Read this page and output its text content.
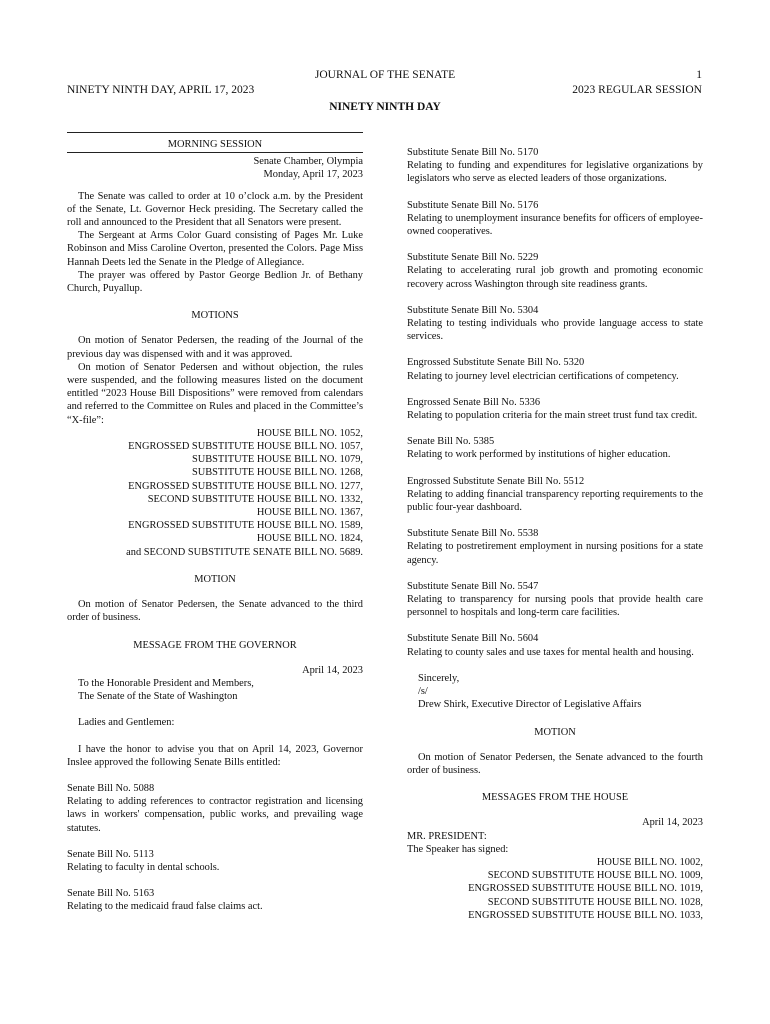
JOURNAL OF THE SENATE	1
NINETY NINTH DAY, APRIL 17, 2023	2023 REGULAR SESSION
NINETY NINTH DAY
MORNING SESSION
Senate Chamber, Olympia
Monday, April 17, 2023

The Senate was called to order at 10 o’clock a.m. by the President of the Senate, Lt. Governor Heck presiding. The Secretary called the roll and announced to the President that all Senators were present.

The Sergeant at Arms Color Guard consisting of Pages Mr. Luke Robinson and Miss Caroline Overton, presented the Colors. Page Miss Hannah Deets led the Senate in the Pledge of Allegiance.

The prayer was offered by Pastor George Bedlion Jr. of Bethany Church, Puyallup.

MOTIONS

On motion of Senator Pedersen, the reading of the Journal of the previous day was dispensed with and it was approved.

On motion of Senator Pedersen and without objection, the rules were suspended, and the following measures listed on the document entitled “2023 House Bill Dispositions” were removed from calendars and referred to the Committee on Rules and placed in the Committee’s “X-file”:

HOUSE BILL NO. 1052,
ENGROSSED SUBSTITUTE HOUSE BILL NO. 1057,
SUBSTITUTE HOUSE BILL NO. 1079,
SUBSTITUTE HOUSE BILL NO. 1268,
ENGROSSED SUBSTITUTE HOUSE BILL NO. 1277,
SECOND SUBSTITUTE HOUSE BILL NO. 1332,
HOUSE BILL NO. 1367,
ENGROSSED SUBSTITUTE HOUSE BILL NO. 1589,
HOUSE BILL NO. 1824,
and SECOND SUBSTITUTE SENATE BILL NO. 5689.
MOTION

On motion of Senator Pedersen, the Senate advanced to the third order of business.

MESSAGE FROM THE GOVERNOR
April 14, 2023
To the Honorable President and Members,
The Senate of the State of Washington
Ladies and Gentlemen:

I have the honor to advise you that on April 14, 2023, Governor Inslee approved the following Senate Bills entitled:

Senate Bill No. 5088
Relating to adding references to contractor registration and licensing laws in workers' compensation, public works, and prevailing wage statutes.
Senate Bill No. 5113
Relating to faculty in dental schools.
Senate Bill No. 5163
Relating to the medicaid fraud false claims act.
Substitute Senate Bill No. 5170
Relating to funding and expenditures for legislative organizations by legislators who serve as elected leaders of those organizations.
Substitute Senate Bill No. 5176
Relating to unemployment insurance benefits for officers of employee-owned cooperatives.
Substitute Senate Bill No. 5229
Relating to accelerating rural job growth and promoting economic recovery across Washington through site readiness grants.
Substitute Senate Bill No. 5304
Relating to testing individuals who provide language access to state services.
Engrossed Substitute Senate Bill No. 5320
Relating to journey level electrician certifications of competency.
Engrossed Senate Bill No. 5336
Relating to population criteria for the main street trust fund tax credit.
Senate Bill No. 5385
Relating to work performed by institutions of higher education.
Engrossed Substitute Senate Bill No. 5512
Relating to adding financial transparency reporting requirements to the public four-year dashboard.
Substitute Senate Bill No. 5538
Relating to postretirement employment in nursing positions for a state agency.
Substitute Senate Bill No. 5547
Relating to transparency for nursing pools that provide health care personnel to hospitals and long-term care facilities.
Substitute Senate Bill No. 5604
Relating to county sales and use taxes for mental health and housing.
Sincerely,
/s/
Drew Shirk, Executive Director of Legislative Affairs
MOTION

On motion of Senator Pedersen, the Senate advanced to the fourth order of business.

MESSAGES FROM THE HOUSE
April 14, 2023
MR. PRESIDENT:
The Speaker has signed:
HOUSE BILL NO. 1002,
SECOND SUBSTITUTE HOUSE BILL NO. 1009,
ENGROSSED SUBSTITUTE HOUSE BILL NO. 1019,
SECOND SUBSTITUTE HOUSE BILL NO. 1028,
ENGROSSED SUBSTITUTE HOUSE BILL NO. 1033,
